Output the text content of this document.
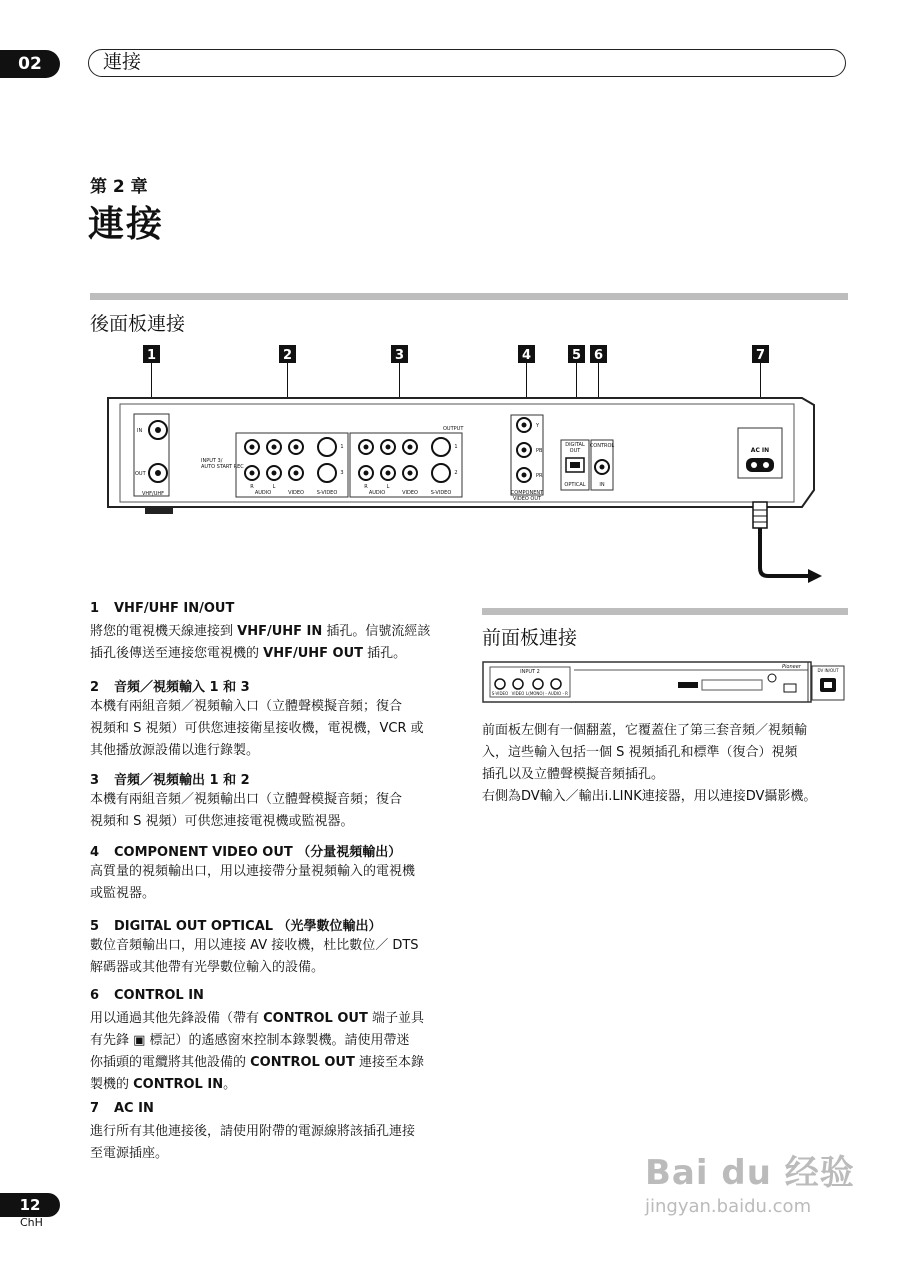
02	連接
第 2 章
連接
後面板連接
1	2	3	4	5 6	7
IN
OUT
VHF/UHF
INPUT 3/
AUTO START REC
OUTPUT
R	L
AUDIO	VIDEO	S-VIDEO
R	L
AUDIO	VIDEO	S-VIDEO
1
3
1
2
Y
PB
PR
COMPONENT
VIDEO OUT
DIGITAL
OUT
OPTICAL
CONTROL
IN
AC IN
1 VHF/UHF IN/OUT
將您的電視機天線連接到 VHF/UHF IN 插孔。信號流經該
插孔後傳送至連接您電視機的 VHF/UHF OUT 插孔。
2 音頻／視頻輸入 1 和 3
本機有兩組音頻／視頻輸入口（立體聲模擬音頻；復合
視頻和 S 視頻）可供您連接衛星接收機，電視機，VCR 或
其他播放源設備以進行錄製。
3 音頻／視頻輸出 1 和 2
本機有兩組音頻／視頻輸出口（立體聲模擬音頻；復合
視頻和 S 視頻）可供您連接電視機或監視器。
4 COMPONENT VIDEO OUT （分量視頻輸出）
高質量的視頻輸出口，用以連接帶分量視頻輸入的電視機
或監視器。
5 DIGITAL OUT OPTICAL （光學數位輸出）
數位音頻輸出口，用以連接 AV 接收機，杜比數位／ DTS
解碼器或其他帶有光學數位輸入的設備。
6 CONTROL IN
用以通過其他先鋒設備（帶有 CONTROL OUT 端子並具
有先鋒 ▣ 標記）的遙感窗來控制本錄製機。請使用帶迷
你插頭的電纜將其他設備的 CONTROL OUT 連接至本錄
製機的 CONTROL IN。
7 AC IN
進行所有其他連接後，請使用附帶的電源線將該插孔連接
至電源插座。
前面板連接
INPUT 2
S-VIDEO VIDEO L(MONO) - AUDIO - R
Pioneer
DV IN/OUT
前面板左側有一個翻蓋，它覆蓋住了第三套音頻／視頻輸
入，這些輸入包括一個 S 視頻插孔和標準（復合）視頻
插孔以及立體聲模擬音頻插孔。
右側為DV輸入／輸出i.LINK連接器，用以連接DV攝影機。
12
ChH
Bai du 经验
jingyan.baidu.com
